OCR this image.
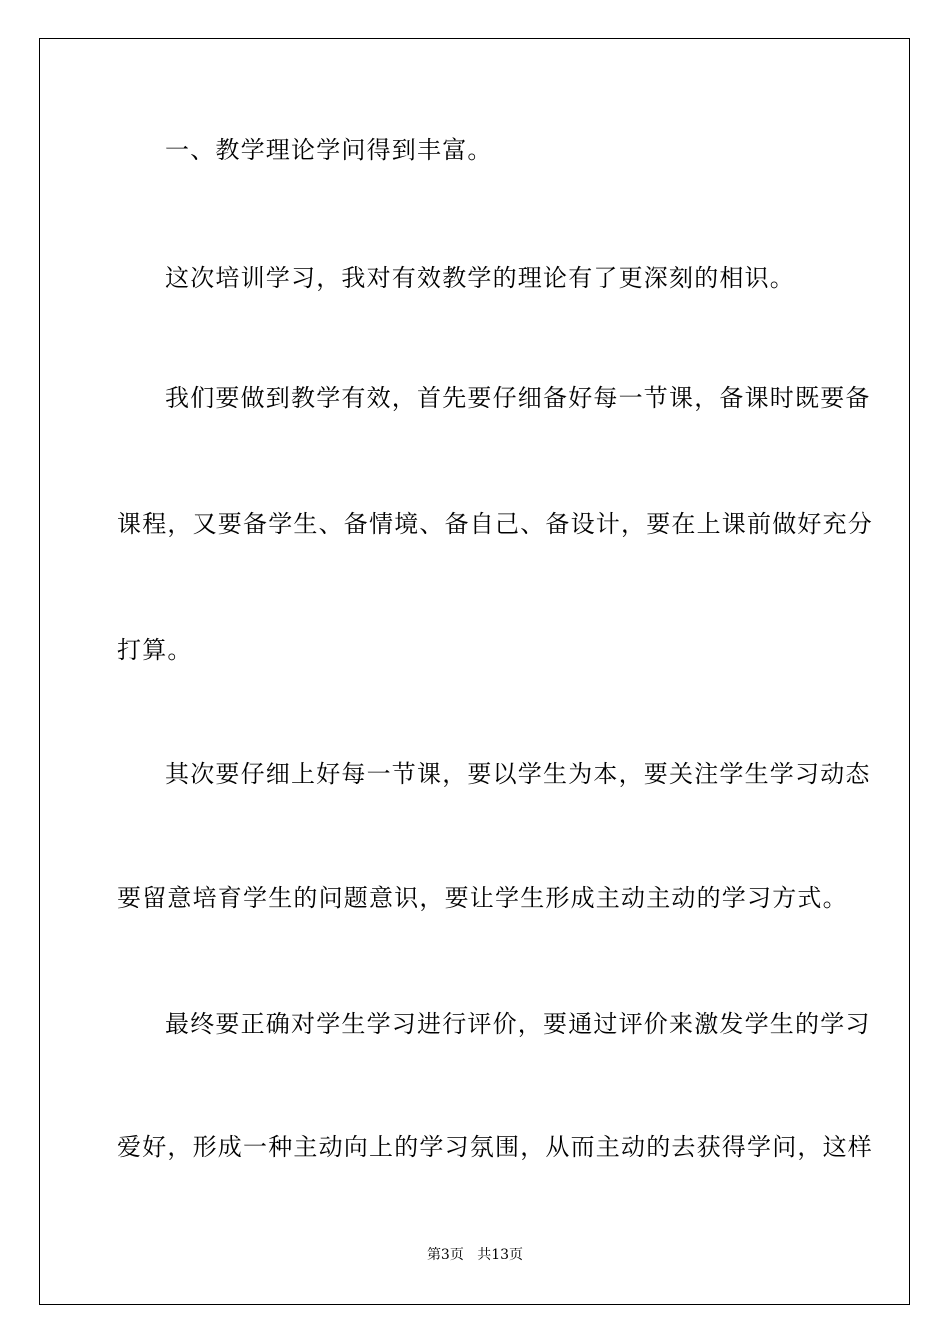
一、教学理论学问得到丰富。
这次培训学习，我对有效教学的理论有了更深刻的相识。
我们要做到教学有效，首先要仔细备好每一节课，备课时既要备
课程，又要备学生、备情境、备自己、备设计，要在上课前做好充分
打算。
其次要仔细上好每一节课，要以学生为本，要关注学生学习动态
要留意培育学生的问题意识，要让学生形成主动主动的学习方式。
最终要正确对学生学习进行评价，要通过评价来激发学生的学习
爱好，形成一种主动向上的学习氛围，从而主动的去获得学问，这样
第3页 共13页
